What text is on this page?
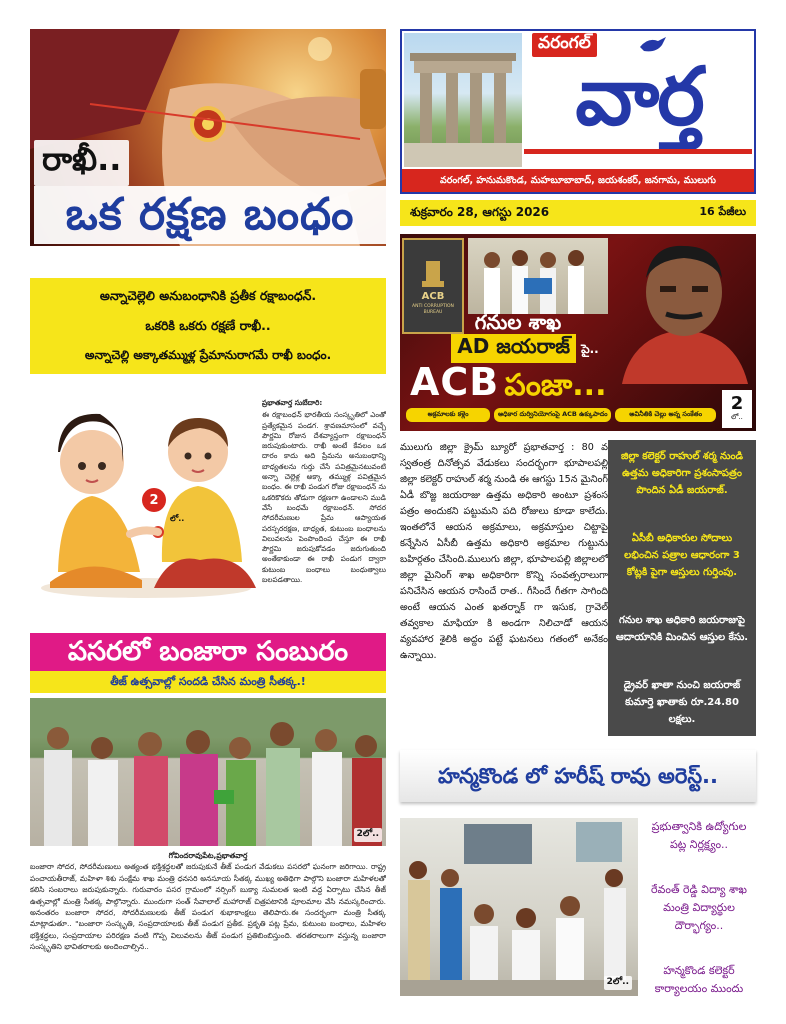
రాఖీ..
ఒక రక్షణ బంధం
అన్నాచెల్లెలి అనుబంధానికి ప్రతీక రక్షాబంధన్.
ఒకరికి ఒకరు రక్షణే రాఖీ..
అన్నాచెల్లి అక్కాతమ్ముళ్ల ప్రేమానురాగమే రాఖీ బంధం.
2
లో..
ప్రభాతవార్త సుబేదారి:
ఈ రక్షాబంధన్ భారతీయ సంస్కృతిలో ఎంతో ప్రత్యేకమైన పండగ. శ్రావణమాసంలో వచ్చే పౌర్ణమి రోజున దేశవ్యాప్తంగా రక్షాబంధన్ జరుపుకుంటారు. రాఖీ అంటే కేవలం ఒక దారం కాదు అది ప్రేమను అనుబంధాన్ని బాధ్యతలను గుర్తు చేసే పవిత్రమైనటువంటి అన్నా చెల్లెళ్ల అక్కా తమ్ముళ్ల పవిత్రమైన బంధం. ఈ రాఖీ పండుగ రోజు రక్షాబంధన్ ను ఒకరికొకరు తోడుగా రక్షణగా ఉండాలని ముడి వేసే బంధమే రక్షాబంధన్. సోదర సోదరీమణుల ప్రేమ ఆప్యాయత పరస్పరరక్షణ, బాధ్యత, కుటుంబ బంధాలను విలువలను పెంపొందింప చేస్తూ ఈ రాఖీ పౌర్ణమి జరుపుకోవడం జరుగుతుంది అంతేకాకుండా ఈ రాఖీ పండుగ ద్వారా కుటుంబ బంధాలు బంధుత్వాలు బలపడతాయి.
పసరలో బంజారా సంబురం
తీజ్ ఉత్సవాల్లో సందడి చేసిన మంత్రి సీతక్క.!
2లో..
గోవిందరావుపేట,ప్రభాతవార్త
బంజారా సోదర, సోదరీమణులు అత్యంత భక్తిశ్రద్ధలతో జరుపుకునే తీజ్ పండుగ వేడుకలు పసరలో ఘనంగా జరిగాయి. రాష్ట్ర పంచాయతీరాజ్, మహిళా శిశు సంక్షేమ శాఖ మంత్రి ధనసరి అనసూయ సీతక్క ముఖ్య అతిథిగా పాల్గొని బంజారా మహిళలతో కలిసి సంబరాలు జరుపుకున్నారు. గురువారం పసర గ్రామంలో నర్సింగ్ బుక్యా సుమలత ఇంటి వద్ద ఏర్పాటు చేసిన తీజ్ ఉత్సవాల్లో మంత్రి సీతక్క పాల్గొన్నారు. ముందుగా సంత్ సేవాలాల్ మహారాజ్ చిత్రపటానికి పూలమాల వేసి నమస్కరించారు. అనంతరం బంజారా సోదర, సోదరీమణులకు తీజ్ పండుగ శుభాకాంక్షలు తెలిపారు.ఈ సందర్భంగా మంత్రి సీతక్క మాట్లాడుతూ.. "బంజారా సంస్కృతి, సంప్రదాయాలకు తీజ్ పండుగ ప్రతీక. ప్రకృతి పట్ల ప్రేమ, కుటుంబ బంధాలు, మహిళల భక్తిశ్రద్ధలు, సంప్రదాయాల పరిరక్షణ వంటి గొప్ప విలువలను తీజ్ పండుగ ప్రతిబింబిస్తుంది. తరతరాలుగా వస్తున్న బంజారా సంస్కృతిని భావితరాలకు అందించాల్సిన..
వరంగల్
వార్త
వరంగల్, హనుమకొండ, మహబూబాబాద్, జయశంకర్, జనగామ, ములుగు
శుక్రవారం 28, ఆగస్టు 2026	16 పేజీలు
ACB
ANTI CORRUPTION BUREAU	గనుల శాఖ
AD జయరాజ్ పై..
ACB పంజా...
అక్రమాలకు కళ్లెం	అధికార దుర్వినియోగంపై ACB ఉక్కుపాదం	అవినీతికి చెల్లు అన్న సంకేతం	2
లో..
ములుగు జిల్లా క్రైమ్ బ్యూరో ప్రభాతవార్త : 80 వ స్వతంత్ర దినోత్సవ వేడుకలు సందర్భంగా భూపాలపల్లి జిల్లా కలెక్టర్ రాహుల్ శర్మ నుండి ఈ ఆగస్టు 15న మైనింగ్ ఏడీ బొజ్జ జయరాజు ఉత్తమ అధికారి అంటూ ప్రశంస పత్రం అందుకని పట్టుమని పది రోజులు కూడా కాలేదు. ఇంతలోనే ఆయన అక్రమాలు, అక్రమాస్తుల చిట్టాపై కన్నేసిన ఏసీబీ ఉత్తమ అధికారి అక్రమాల గుట్టును బహిర్గతం చేసింది.ములుగు జిల్లా, భూపాలపల్లి జిల్లాలలో జిల్లా మైనింగ్ శాఖ అధికారిగా కొన్ని సంవత్సరాలుగా పనిచేసిన ఆయన రాసిందే రాత.. గీసిందే గీతగా సాగింది అంటే ఆయన ఎంత ఖతర్నాక్ గా ఇసుక, గ్రావెల్ తవ్వకాల మాఫియా కి అండగా నిలిచాడో ఆయన వ్యవహార శైలికి అద్దం పట్టే ఘటనలు గతంలో అనేకం ఉన్నాయి.
జిల్లా కలెక్టర్ రాహుల్ శర్మ నుండి ఉత్తమ అధికారిగా ప్రశంసాపత్రం పొందిన ఏడీ జయరాజ్.
ఏసీబీ అధికారుల సోదాలు లభించిన పత్రాల ఆధారంగా 3 కోట్లకి పైగా ఆస్తులు గుర్తింపు.
గనుల శాఖ అధికారి జయరాజుపై ఆదాయానికి మించిన ఆస్తుల కేసు.
డ్రైవర్ ఖాతా నుంచి జయరాజ్ కుమార్తె ఖాతాకు రూ.24.80 లక్షలు.
హన్మకొండ లో హరీష్ రావు అరెస్ట్..
2లో..
ప్రభుత్వానికి ఉద్యోగుల పట్ల నిర్లక్ష్యం..
రేవంత్ రెడ్డి విద్యా శాఖ మంత్రి విద్యార్థుల దౌర్భాగ్యం..
హన్మకొండ కలెక్టర్ కార్యాలయం ముందు
